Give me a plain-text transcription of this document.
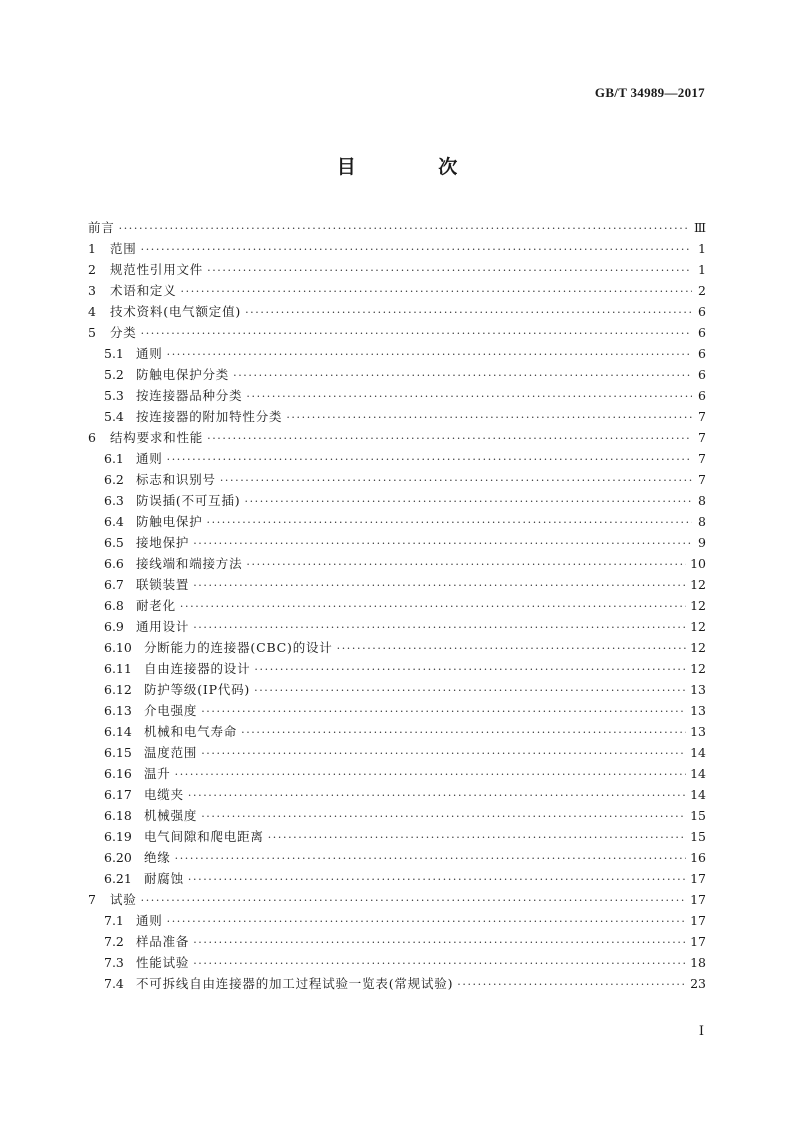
GB/T 34989—2017
目 次
前言 ·····	Ⅲ
1	范围 ·····	1
2	规范性引用文件 ·····	1
3	术语和定义 ·····	2
4	技术资料(电气额定值) ·····	6
5	分类 ·····	6
5.1 通则 ·····	6
5.2 防触电保护分类 ·····	6
5.3 按连接器品种分类 ·····	6
5.4 按连接器的附加特性分类 ·····	7
6	结构要求和性能 ·····	7
6.1 通则 ·····	7
6.2 标志和识别号 ·····	7
6.3 防误插(不可互插) ·····	8
6.4 防触电保护 ·····	8
6.5 接地保护 ·····	9
6.6 接线端和端接方法 ·····	10
6.7 联锁装置 ·····	12
6.8 耐老化 ·····	12
6.9 通用设计 ·····	12
6.10 分断能力的连接器(CBC)的设计 ·····	12
6.11 自由连接器的设计 ·····	12
6.12 防护等级(IP代码) ·····	13
6.13 介电强度 ·····	13
6.14 机械和电气寿命 ·····	13
6.15 温度范围 ·····	14
6.16 温升 ·····	14
6.17 电缆夹 ·····	14
6.18 机械强度 ·····	15
6.19 电气间隙和爬电距离 ·····	15
6.20 绝缘 ·····	16
6.21 耐腐蚀 ·····	17
7	试验 ·····	17
7.1 通则 ·····	17
7.2 样品准备 ·····	17
7.3 性能试验 ·····	18
7.4 不可拆线自由连接器的加工过程试验一览表(常规试验) ·····	23
I
